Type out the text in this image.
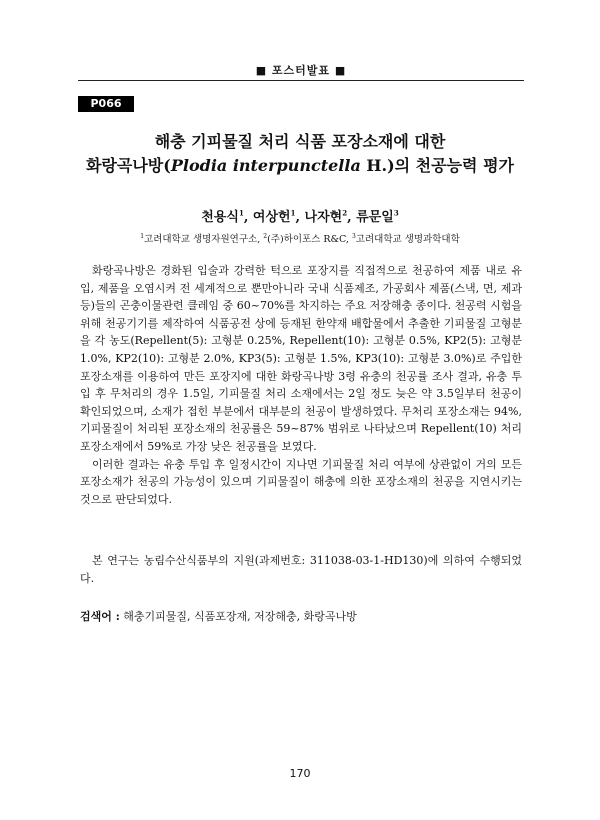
■ 포스터발표 ■
P066
해충 기피물질 처리 식품 포장소재에 대한
화랑곡나방(Plodia interpunctella H.)의 천공능력 평가
천용식$^1$, 여상헌$^1$, 나자현$^2$, 류문일$^3$
$^1$고려대학교 생명자원연구소, $^2$(주)하이포스 R&C, $^3$고려대학교 생명과학대학

화랑곡나방은 경화된 입술과 강력한 턱으로 포장지를 직접적으로 천공하여 제품 내로 유입, 제품을 오염시켜 전 세계적으로 뿐만아니라 국내 식품제조, 가공회사 제품(스낵, 면, 제과 등)들의 곤충이물관련 클레임 중 60~70%를 차지하는 주요 저장해충 종이다. 천공력 시험을 위해 천공기기를 제작하여 식품공전 상에 등재된 한약재 배합물에서 추출한 기피물질 고형분을 각 농도(Repellent(5): 고형분 0.25%, Repellent(10): 고형분 0.5%, KP2(5): 고형분 1.0%, KP2(10): 고형분 2.0%, KP3(5): 고형분 1.5%, KP3(10): 고형분 3.0%)로 주입한 포장소재를 이용하여 만든 포장지에 대한 화랑곡나방 3령 유충의 천공률 조사 결과, 유충 투입 후 무처리의 경우 1.5일, 기피물질 처리 소재에서는 2일 정도 늦은 약 3.5일부터 천공이 확인되었으며, 소재가 접힌 부분에서 대부분의 천공이 발생하였다. 무처리 포장소재는 94%, 기피물질이 처리된 포장소재의 천공률은 59~87% 범위로 나타났으며 Repellent(10) 처리 포장소재에서 59%로 가장 낮은 천공률을 보였다.

이러한 결과는 유충 투입 후 일정시간이 지나면 기피물질 처리 여부에 상관없이 거의 모든 포장소재가 천공의 가능성이 있으며 기피물질이 해충에 의한 포장소재의 천공을 지연시키는 것으로 판단되었다.

본 연구는 농림수산식품부의 지원(과제번호: 311038-03-1-HD130)에 의하여 수행되었다.

검색어 : 해충기피물질, 식품포장재, 저장해충, 화랑곡나방
170
